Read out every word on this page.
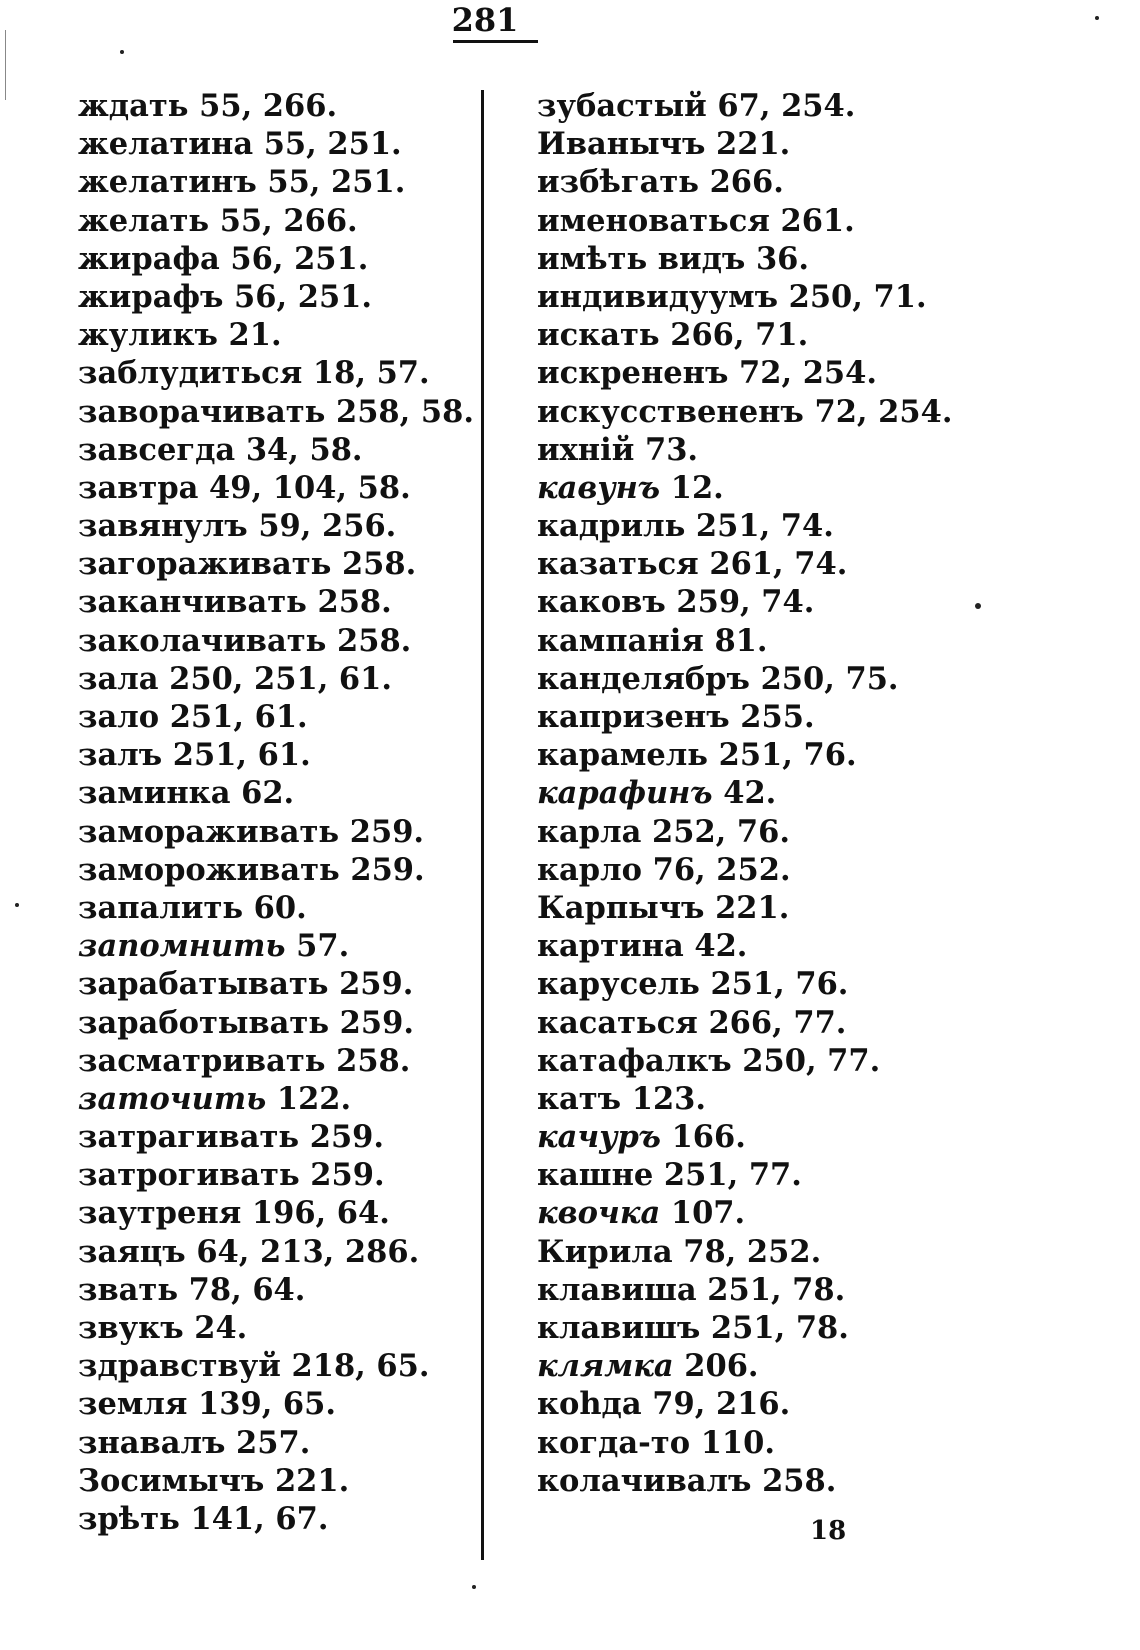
281
ждать 55, 266.
желатина 55, 251.
желатинъ 55, 251.
желать 55, 266.
жирафа 56, 251.
жирафъ 56, 251.
жуликъ 21.
заблудиться 18, 57.
заворачивать 258, 58.
завсегда 34, 58.
завтра 49, 104, 58.
завянулъ 59, 256.
загораживать 258.
заканчивать 258.
заколачивать 258.
зала 250, 251, 61.
зало 251, 61.
залъ 251, 61.
заминка 62.
замораживать 259.
заморoживать 259.
запалить 60.
запомнить 57.
зарабатывать 259.
заработывать 259.
засматривать 258.
заточить 122.
затрагивать 259.
затрогивать 259.
заутреня 196, 64.
заяцъ 64, 213, 286.
звать 78, 64.
звукъ 24.
здравствуй 218, 65.
земля 139, 65.
знавалъ 257.
Зосимычъ 221.
зрѣть 141, 67.
зубастый 67, 254.
Иванычъ 221.
избѣгать 266.
именоваться 261.
имѣть видъ 36.
индивидуумъ 250, 71.
искать 266, 71.
искрененъ 72, 254.
искусствененъ 72, 254.
ихній 73.
кавунъ 12.
кадриль 251, 74.
казаться 261, 74.
каковъ 259, 74.
кампанія 81.
канделябръ 250, 75.
капризенъ 255.
карамель 251, 76.
карафинъ 42.
карла 252, 76.
карло 76, 252.
Карпычъ 221.
картина 42.
карусель 251, 76.
касаться 266, 77.
катафалкъ 250, 77.
катъ 123.
качуръ 166.
кашне 251, 77.
квочка 107.
Кирила 78, 252.
клавиша 251, 78.
клавишъ 251, 78.
клямка 206.
коhда 79, 216.
когда-то 110.
колачивалъ 258.
18
